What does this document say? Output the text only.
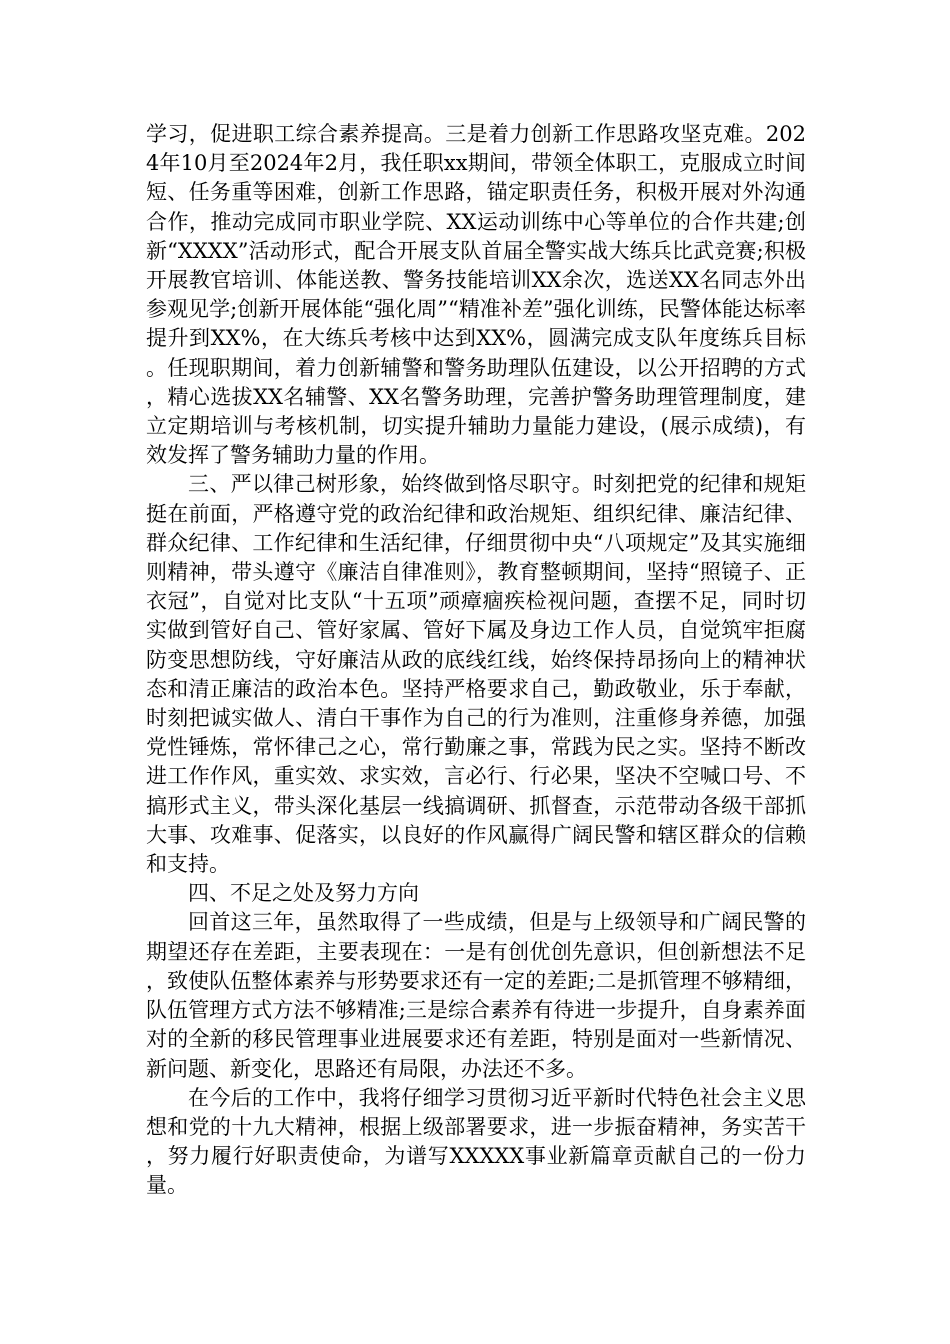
学习，促进职工综合素养提高。三是着力创新工作思路攻坚克难。2024年10月至2024年2月，我任职xx期间，带领全体职工，克服成立时间短、任务重等困难，创新工作思路，锚定职责任务，积极开展对外沟通合作，推动完成同市职业学院、XX运动训练中心等单位的合作共建;创新“XXXX”活动形式，配合开展支队首届全警实战大练兵比武竞赛;积极开展教官培训、体能送教、警务技能培训XX余次，选送XX名同志外出参观见学;创新开展体能“强化周”“精准补差”强化训练，民警体能达标率提升到XX%，在大练兵考核中达到XX%，圆满完成支队年度练兵目标。任现职期间，着力创新辅警和警务助理队伍建设，以公开招聘的方式，精心选拔XX名辅警、XX名警务助理，完善护警务助理管理制度，建立定期培训与考核机制，切实提升辅助力量能力建设，(展示成绩)，有效发挥了警务辅助力量的作用。

三、严以律己树形象，始终做到恪尽职守。时刻把党的纪律和规矩挺在前面，严格遵守党的政治纪律和政治规矩、组织纪律、廉洁纪律、群众纪律、工作纪律和生活纪律，仔细贯彻中央“八项规定”及其实施细则精神，带头遵守《廉洁自律准则》，教育整顿期间，坚持“照镜子、正衣冠”，自觉对比支队“十五项”顽瘴痼疾检视问题，查摆不足，同时切实做到管好自己、管好家属、管好下属及身边工作人员，自觉筑牢拒腐防变思想防线，守好廉洁从政的底线红线，始终保持昂扬向上的精神状态和清正廉洁的政治本色。坚持严格要求自己，勤政敬业，乐于奉献，时刻把诚实做人、清白干事作为自己的行为准则，注重修身养德，加强党性锤炼，常怀律己之心，常行勤廉之事，常践为民之实。坚持不断改进工作作风，重实效、求实效，言必行、行必果，坚决不空喊口号、不搞形式主义，带头深化基层一线搞调研、抓督查，示范带动各级干部抓大事、攻难事、促落实，以良好的作风赢得广阔民警和辖区群众的信赖和支持。

四、不足之处及努力方向

回首这三年，虽然取得了一些成绩，但是与上级领导和广阔民警的期望还存在差距，主要表现在：一是有创优创先意识，但创新想法不足，致使队伍整体素养与形势要求还有一定的差距;二是抓管理不够精细，队伍管理方式方法不够精准;三是综合素养有待进一步提升，自身素养面对的全新的移民管理事业进展要求还有差距，特别是面对一些新情况、新问题、新变化，思路还有局限，办法还不多。

在今后的工作中，我将仔细学习贯彻习近平新时代特色社会主义思想和党的十九大精神，根据上级部署要求，进一步振奋精神，务实苦干，努力履行好职责使命，为谱写XXXXX事业新篇章贡献自己的一份力量。
